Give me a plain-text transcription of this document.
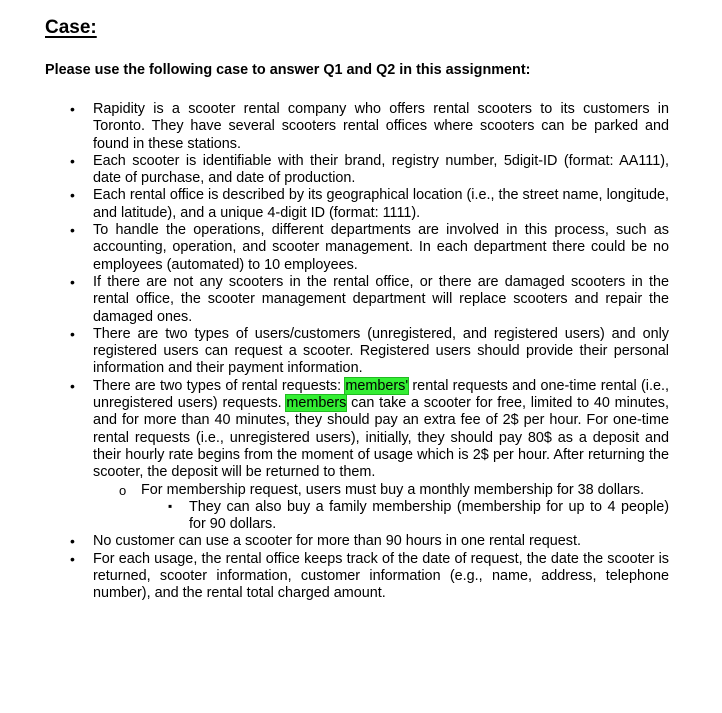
Case:
Please use the following case to answer Q1 and Q2 in this assignment:
• Rapidity is a scooter rental company who offers rental scooters to its customers in Toronto. They have several scooters rental offices where scooters can be parked and found in these stations.
• Each scooter is identifiable with their brand, registry number, 5digit-ID (format: AA111), date of purchase, and date of production.
• Each rental office is described by its geographical location (i.e., the street name, longitude, and latitude), and a unique 4-digit ID (format: 1111).
• To handle the operations, different departments are involved in this process, such as accounting, operation, and scooter management. In each department there could be no employees (automated) to 10 employees.
• If there are not any scooters in the rental office, or there are damaged scooters in the rental office, the scooter management department will replace scooters and repair the damaged ones.
• There are two types of users/customers (unregistered, and registered users) and only registered users can request a scooter. Registered users should provide their personal information and their payment information.
• There are two types of rental requests: members' rental requests and one-time rental (i.e., unregistered users) requests. members can take a scooter for free, limited to 40 minutes, and for more than 40 minutes, they should pay an extra fee of 2$ per hour. For one-time rental requests (i.e., unregistered users), initially, they should pay 80$ as a deposit and their hourly rate begins from the moment of usage which is 2$ per hour. After returning the scooter, the deposit will be returned to them.
o For membership request, users must buy a monthly membership for 38 dollars.
▪ They can also buy a family membership (membership for up to 4 people) for 90 dollars.
• No customer can use a scooter for more than 90 hours in one rental request.
• For each usage, the rental office keeps track of the date of request, the date the scooter is returned, scooter information, customer information (e.g., name, address, telephone number), and the rental total charged amount.
